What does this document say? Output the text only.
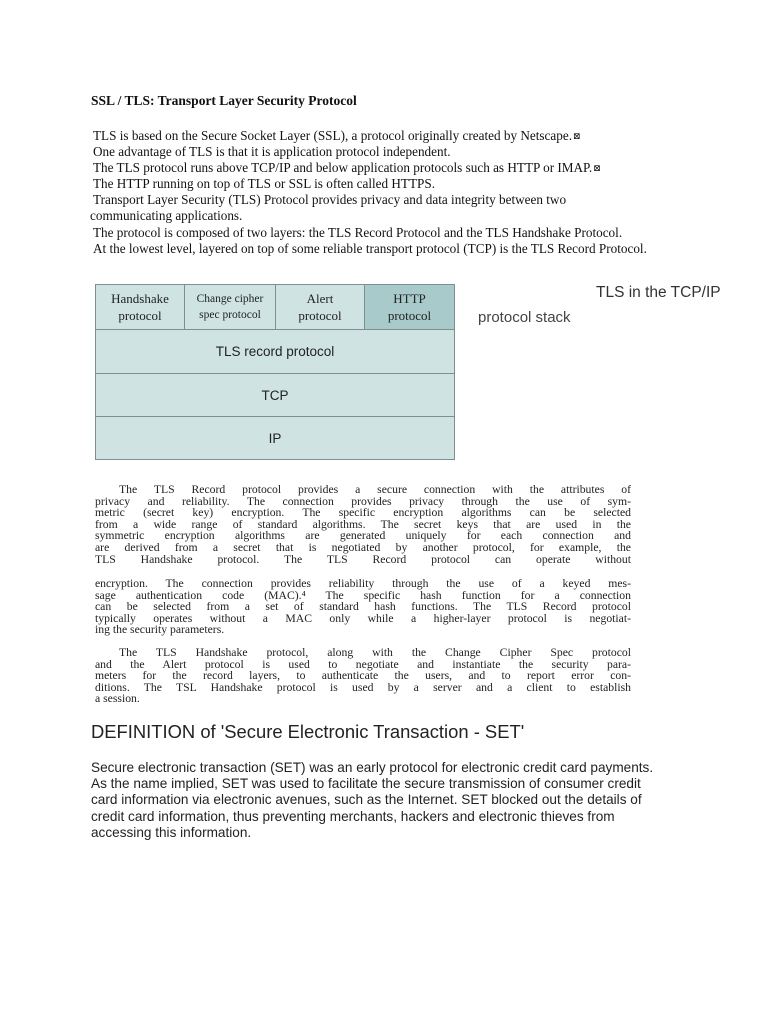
SSL / TLS: Transport Layer Security Protocol
TLS is based on the Secure Socket Layer (SSL), a protocol originally created by Netscape.⊠
One advantage of TLS is that it is application protocol independent.
The TLS protocol runs above TCP/IP and below application protocols such as HTTP or IMAP.⊠
The HTTP running on top of TLS or SSL is often called HTTPS.
Transport Layer Security (TLS) Protocol provides privacy and data integrity between two
communicating applications.
The protocol is composed of two layers: the TLS Record Protocol and the TLS Handshake Protocol.
At the lowest level, layered on top of some reliable transport protocol (TCP) is the TLS Record Protocol.
Handshake
protocol
Change cipher
spec protocol
Alert
protocol
HTTP
protocol
TLS record protocol
TCP
IP
TLS in the TCP/IP
protocol stack
The TLS Record protocol provides a secure connection with the attributes of
privacy and reliability. The connection provides privacy through the use of sym-
metric (secret key) encryption. The specific encryption algorithms can be selected
from a wide range of standard algorithms. The secret keys that are used in the
symmetric encryption algorithms are generated uniquely for each connection and
are derived from a secret that is negotiated by another protocol, for example, the
TLS Handshake protocol. The TLS Record protocol can operate without
encryption. The connection provides reliability through the use of a keyed mes-
sage authentication code (MAC).⁴ The specific hash function for a connection
can be selected from a set of standard hash functions. The TLS Record protocol
typically operates without a MAC only while a higher-layer protocol is negotiat-
ing the security parameters.
The TLS Handshake protocol, along with the Change Cipher Spec protocol
and the Alert protocol is used to negotiate and instantiate the security para-
meters for the record layers, to authenticate the users, and to report error con-
ditions. The TSL Handshake protocol is used by a server and a client to establish
a session.
DEFINITION of 'Secure Electronic Transaction - SET'
Secure electronic transaction (SET) was an early protocol for electronic credit card payments.
As the name implied, SET was used to facilitate the secure transmission of consumer credit
card information via electronic avenues, such as the Internet. SET blocked out the details of
credit card information, thus preventing merchants, hackers and electronic thieves from
accessing this information.
